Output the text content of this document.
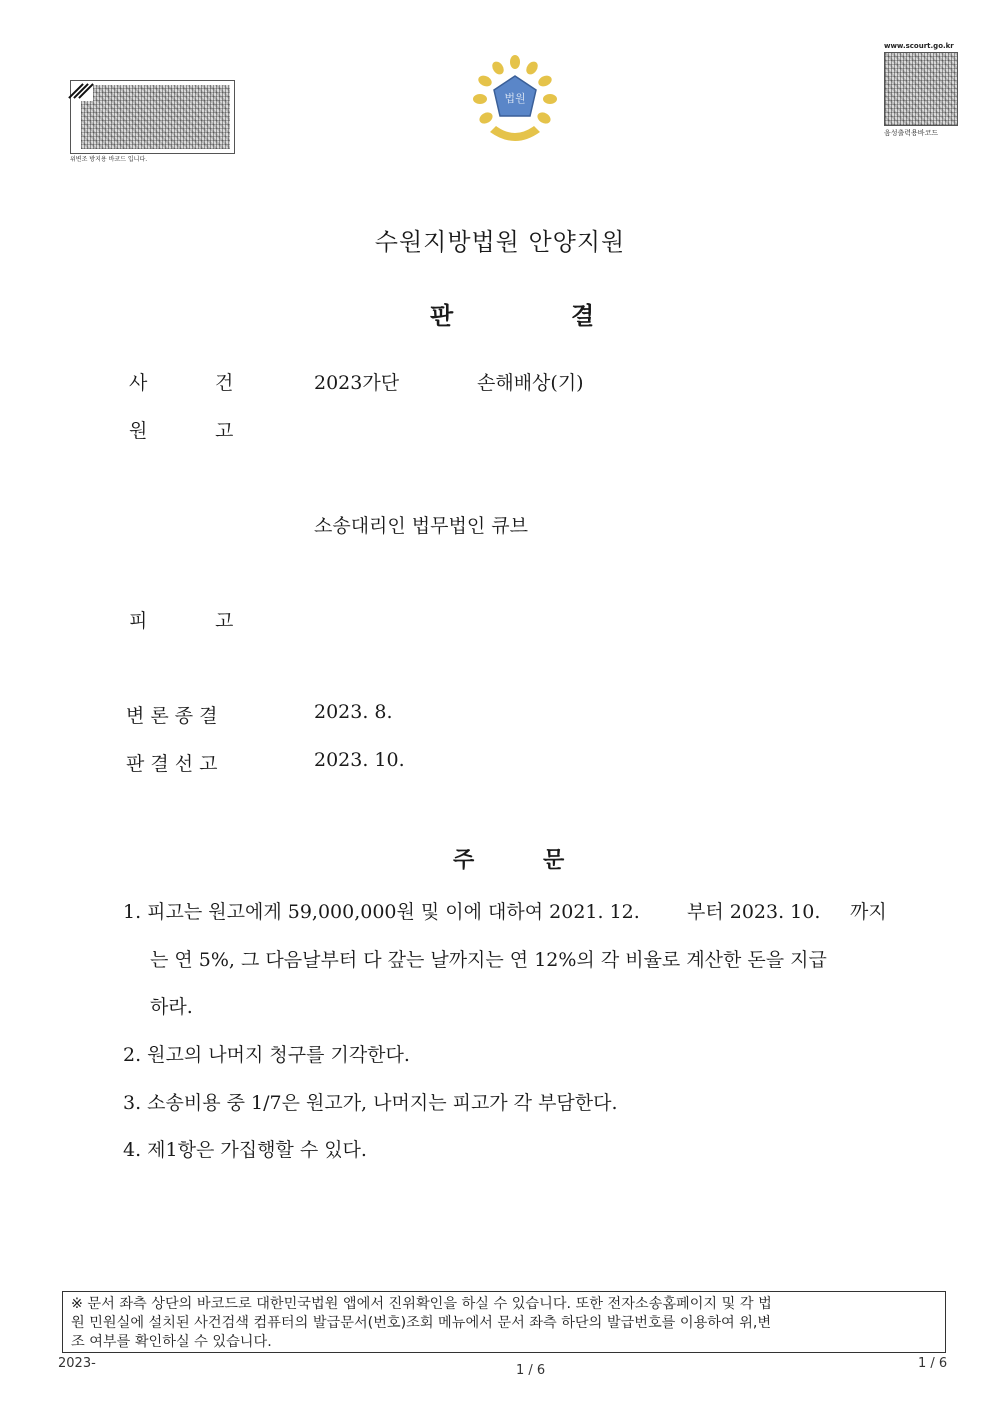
위변조 방지용 바코드 입니다.
법원
www.scourt.go.kr
음성출력용바코드
수원지방법원 안양지원
판	결
사	건	2023가단	손해배상(기)
원	고
소송대리인 법무법인 큐브
피	고
변 론 종 결	2023. 8.
판 결 선 고	2023. 10.
주	문
1. 피고는 원고에게 59,000,000원 및 이에 대하여 2021. 12. 부터 2023. 10. 까지
는 연 5%, 그 다음날부터 다 갚는 날까지는 연 12%의 각 비율로 계산한 돈을 지급
하라.
2. 원고의 나머지 청구를 기각한다.
3. 소송비용 중 1/7은 원고가, 나머지는 피고가 각 부담한다.
4. 제1항은 가집행할 수 있다.
※ 문서 좌측 상단의 바코드로 대한민국법원 앱에서 진위확인을 하실 수 있습니다. 또한 전자소송홈페이지 및 각 법
원 민원실에 설치된 사건검색 컴퓨터의 발급문서(번호)조회 메뉴에서 문서 좌측 하단의 발급번호를 이용하여 위,변
조 여부를 확인하실 수 있습니다.
2023-	1 / 6	1 / 6
